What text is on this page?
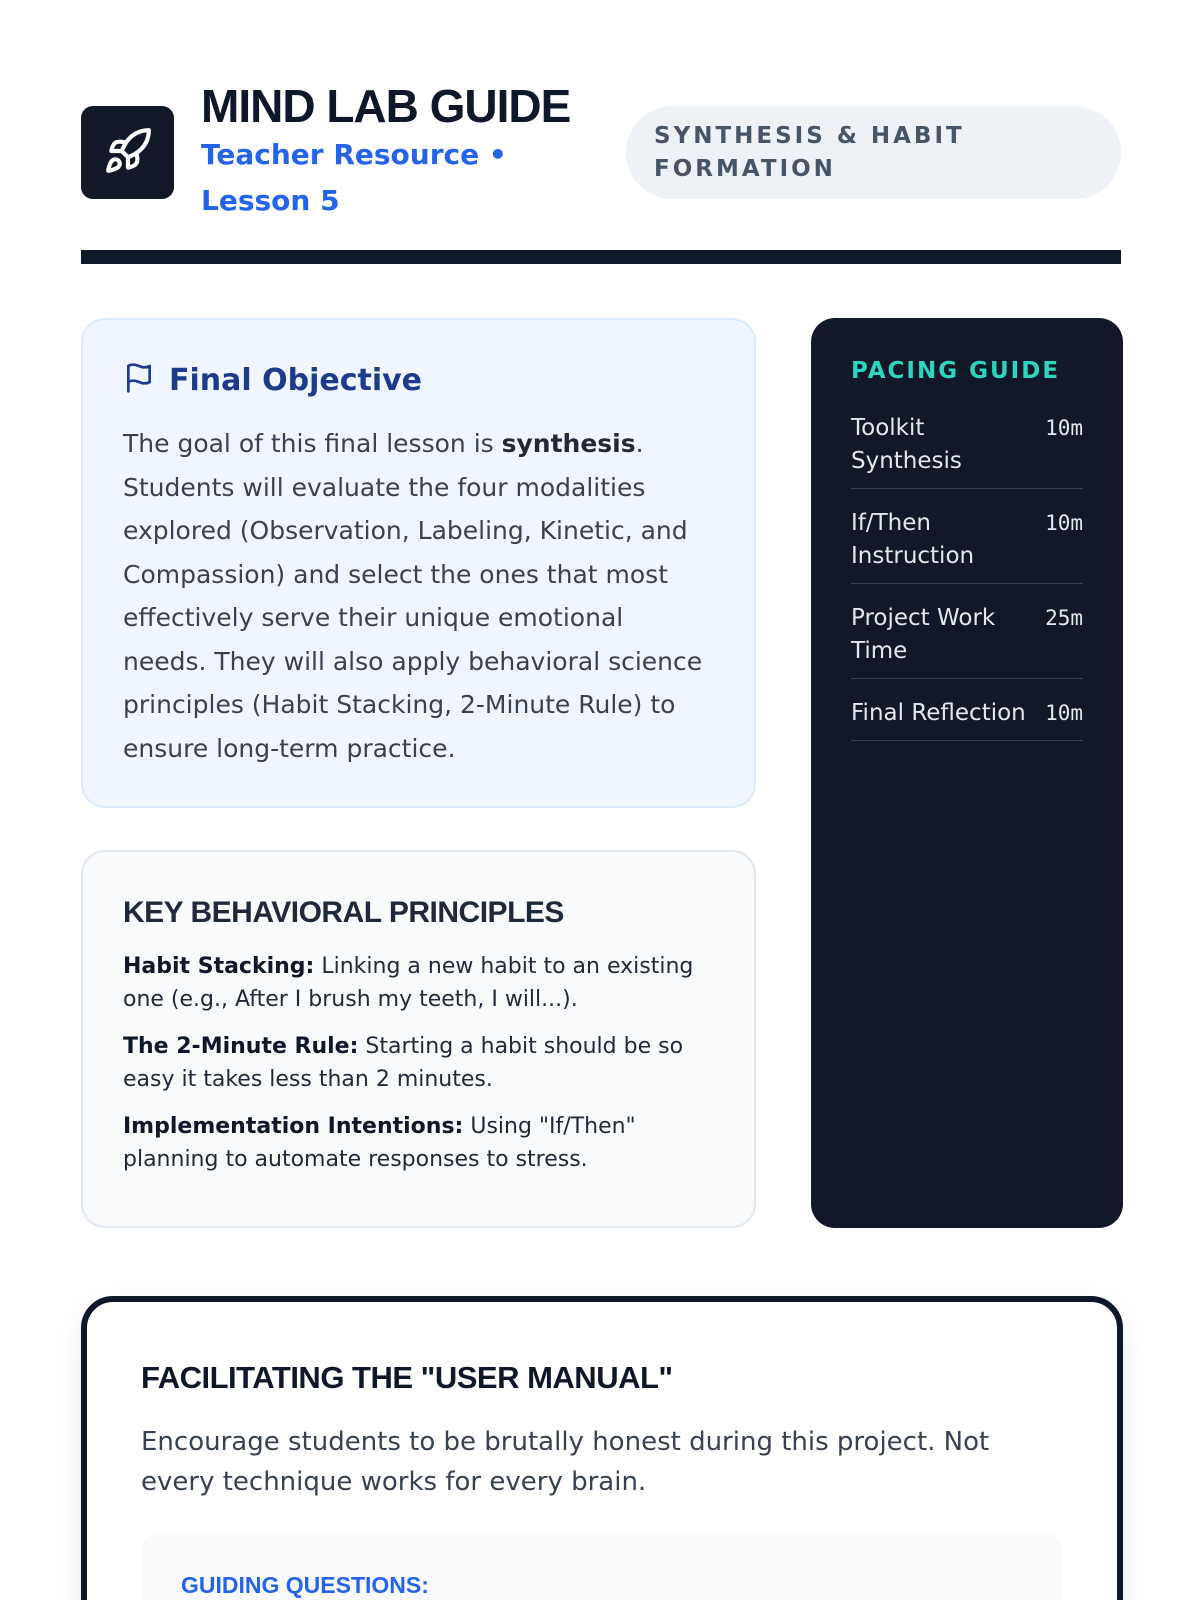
MIND LAB GUIDE
Teacher Resource • Lesson 5
SYNTHESIS & HABIT FORMATION
Final Objective

The goal of this final lesson is synthesis. Students will evaluate the four modalities explored (Observation, Labeling, Kinetic, and Compassion) and select the ones that most effectively serve their unique emotional needs. They will also apply behavioral science principles (Habit Stacking, 2-Minute Rule) to ensure long-term practice.

KEY BEHAVIORAL PRINCIPLES

Habit Stacking: Linking a new habit to an existing one (e.g., After I brush my teeth, I will...).

The 2-Minute Rule: Starting a habit should be so easy it takes less than 2 minutes.

Implementation Intentions: Using "If/Then" planning to automate responses to stress.

PACING GUIDE
Toolkit Synthesis
10m
If/Then Instruction
10m
Project Work Time
25m
Final Reflection 10m
FACILITATING THE "USER MANUAL"

Encourage students to be brutally honest during this project. Not every technique works for every brain.

GUIDING QUESTIONS:
